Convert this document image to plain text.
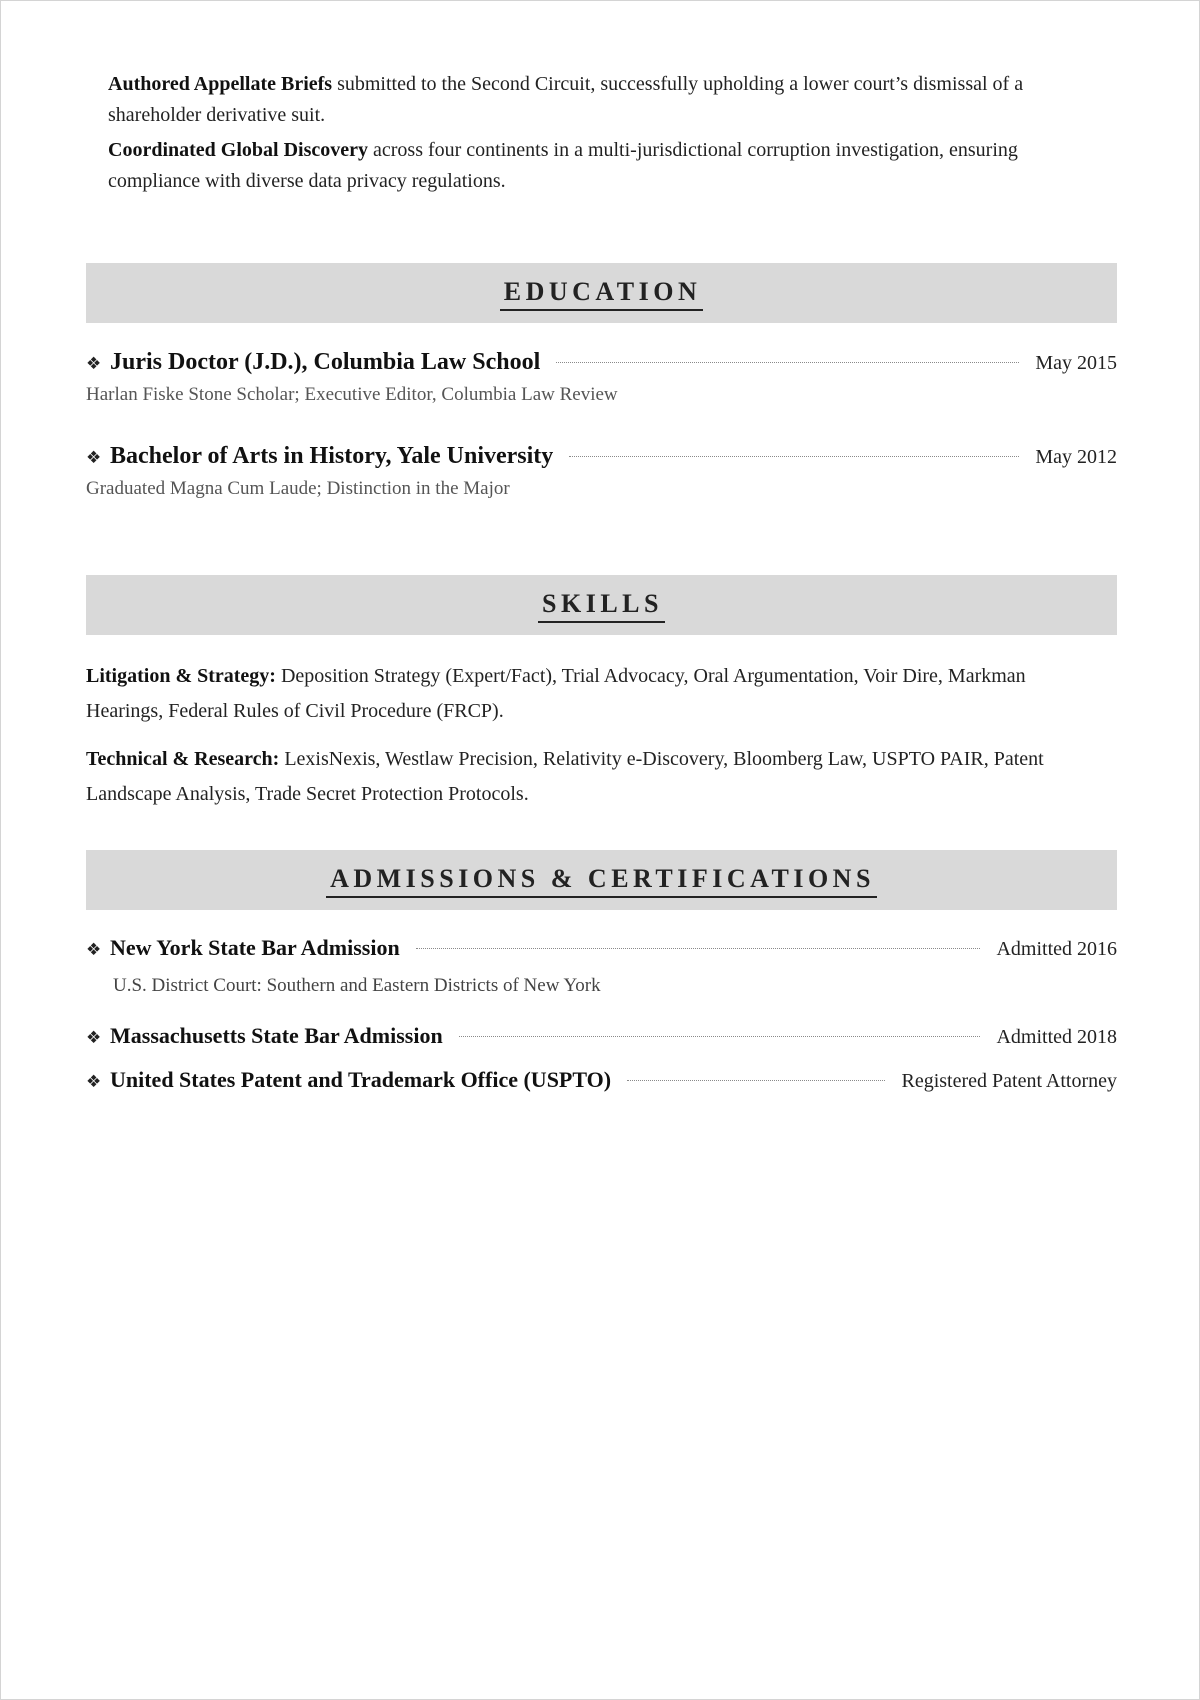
Authored Appellate Briefs submitted to the Second Circuit, successfully upholding a lower court’s dismissal of a shareholder derivative suit.
Coordinated Global Discovery across four continents in a multi-jurisdictional corruption investigation, ensuring compliance with diverse data privacy regulations.
EDUCATION
❖ Juris Doctor (J.D.), Columbia Law School	May 2015
Harlan Fiske Stone Scholar; Executive Editor, Columbia Law Review
❖ Bachelor of Arts in History, Yale University	May 2012
Graduated Magna Cum Laude; Distinction in the Major
SKILLS
Litigation & Strategy: Deposition Strategy (Expert/Fact), Trial Advocacy, Oral Argumentation, Voir Dire, Markman Hearings, Federal Rules of Civil Procedure (FRCP).
Technical & Research: LexisNexis, Westlaw Precision, Relativity e-Discovery, Bloomberg Law, USPTO PAIR, Patent Landscape Analysis, Trade Secret Protection Protocols.
ADMISSIONS & CERTIFICATIONS
❖ New York State Bar Admission	Admitted 2016
U.S. District Court: Southern and Eastern Districts of New York
❖ Massachusetts State Bar Admission	Admitted 2018
❖ United States Patent and Trademark Office (USPTO)	Registered Patent Attorney
